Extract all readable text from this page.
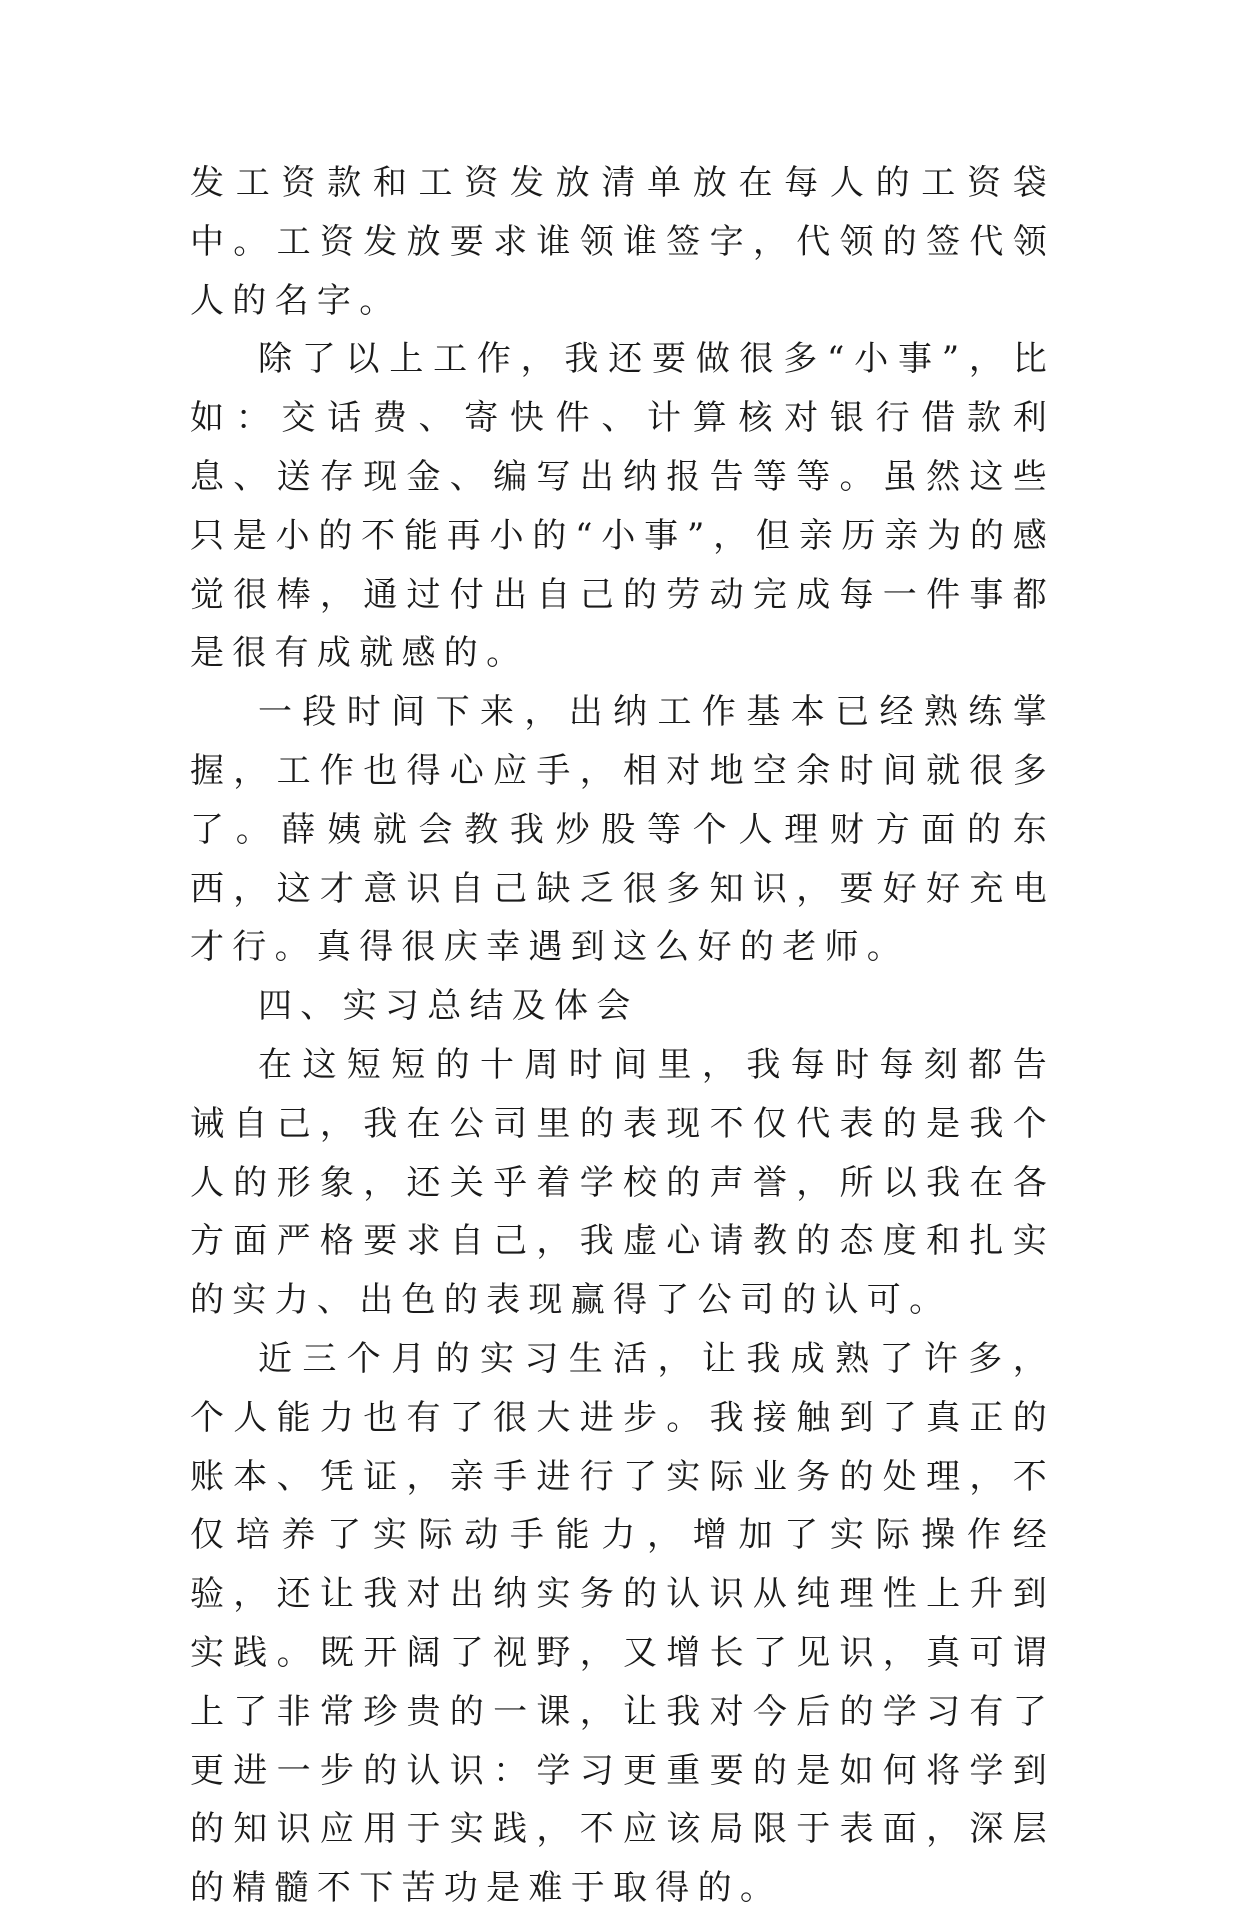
发工资款和工资发放清单放在每人的工资袋中。工资发放要求谁领谁签字，代领的签代领人的名字。

除了以上工作，我还要做很多“小事”，比如：交话费、寄快件、计算核对银行借款利息、送存现金、编写出纳报告等等。虽然这些只是小的不能再小的“小事”，但亲历亲为的感觉很棒，通过付出自己的劳动完成每一件事都是很有成就感的。

一段时间下来，出纳工作基本已经熟练掌握，工作也得心应手，相对地空余时间就很多了。薛姨就会教我炒股等个人理财方面的东西，这才意识自己缺乏很多知识，要好好充电才行。真得很庆幸遇到这么好的老师。

四、实习总结及体会

在这短短的十周时间里，我每时每刻都告诫自己，我在公司里的表现不仅代表的是我个人的形象，还关乎着学校的声誉，所以我在各方面严格要求自己，我虚心请教的态度和扎实的实力、出色的表现赢得了公司的认可。

近三个月的实习生活，让我成熟了许多，个人能力也有了很大进步。我接触到了真正的账本、凭证，亲手进行了实际业务的处理，不仅培养了实际动手能力，增加了实际操作经验，还让我对出纳实务的认识从纯理性上升到实践。既开阔了视野，又增长了见识，真可谓上了非常珍贵的一课，让我对今后的学习有了更进一步的认识：学习更重要的是如何将学到的知识应用于实践，不应该局限于表面，深层的精髓不下苦功是难于取得的。
